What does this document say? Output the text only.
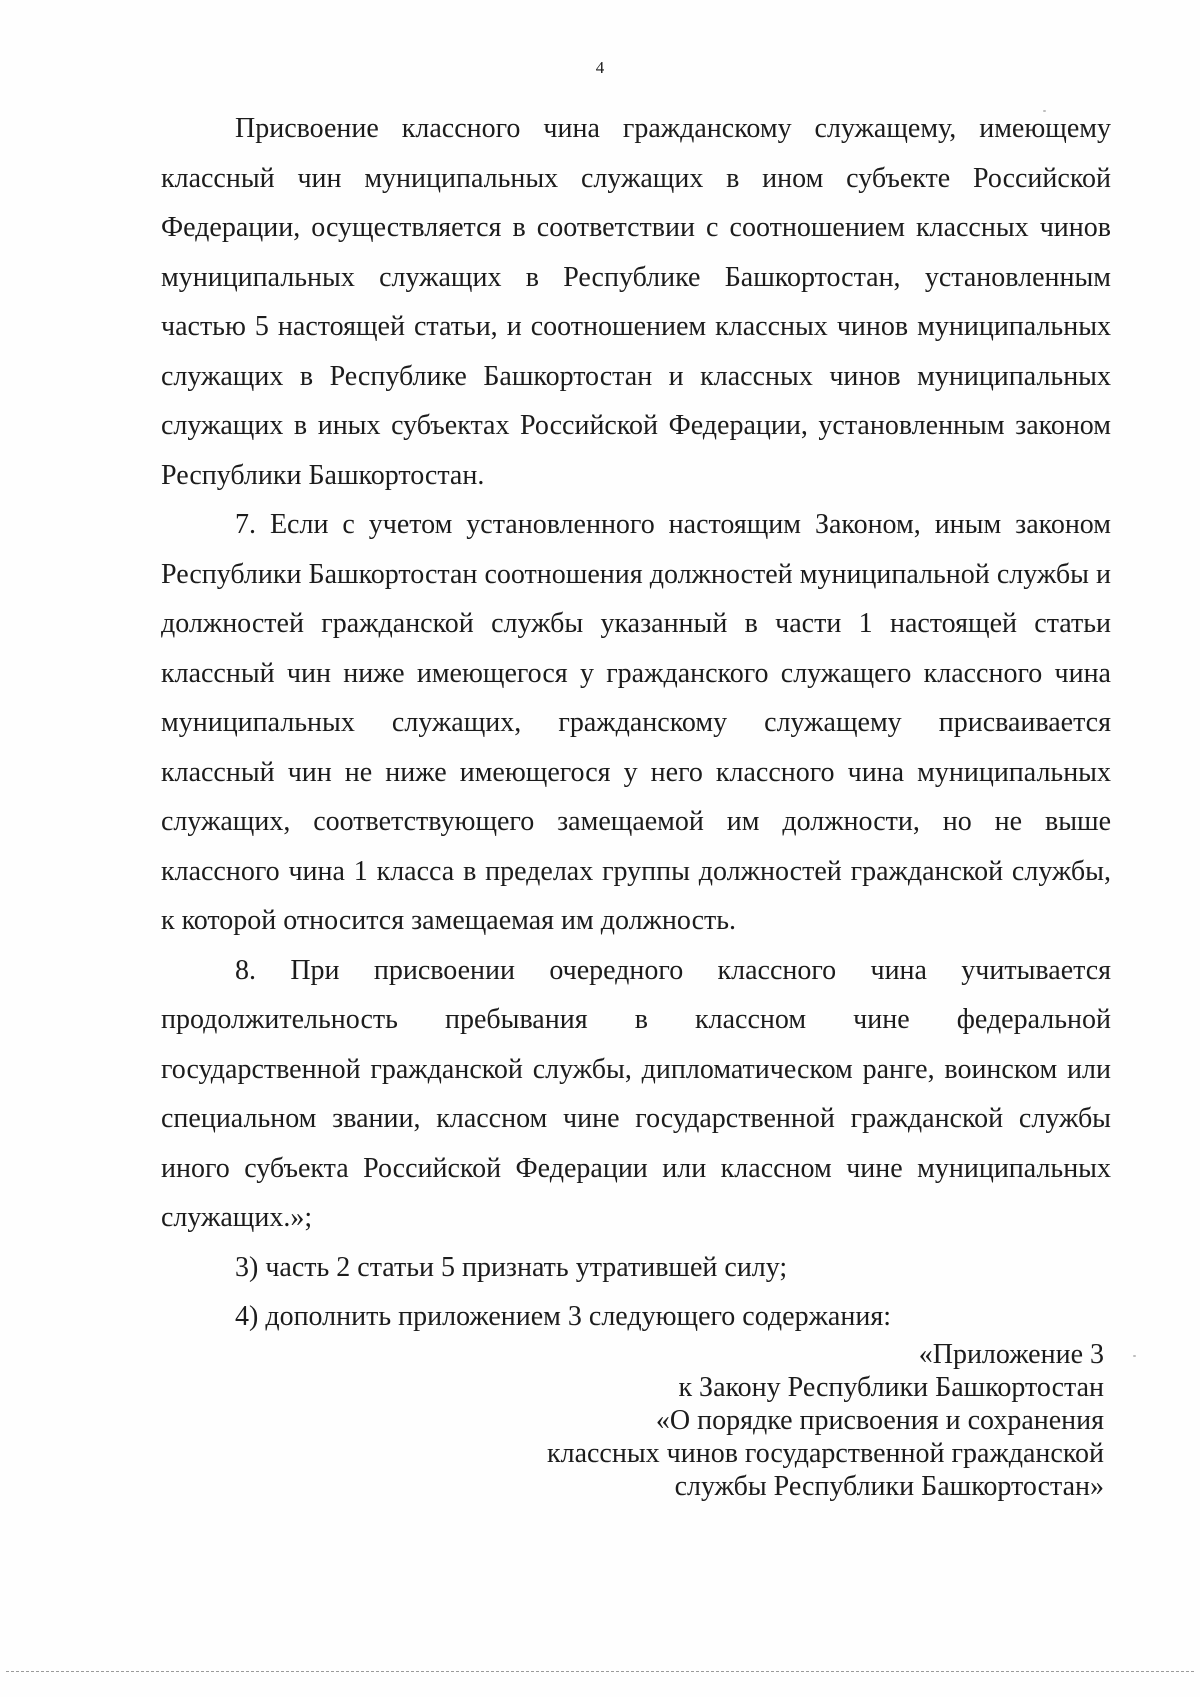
4

Присвоение классного чина гражданскому служащему, имеющему классный чин муниципальных служащих в ином субъекте Российской Федерации, осуществляется в соответствии с соотношением классных чинов муниципальных служащих в Республике Башкортостан, установленным частью 5 настоящей статьи, и соотношением классных чинов муниципальных служащих в Республике Башкортостан и классных чинов муниципальных служащих в иных субъектах Российской Федерации, установленным законом Республики Башкортостан.

7. Если с учетом установленного настоящим Законом, иным законом Республики Башкортостан соотношения должностей муниципальной службы и должностей гражданской службы указанный в части 1 настоящей статьи классный чин ниже имеющегося у гражданского служащего классного чина муниципальных служащих, гражданскому служащему присваивается классный чин не ниже имеющегося у него классного чина муниципальных служащих, соответствующего замещаемой им должности, но не выше классного чина 1 класса в пределах группы должностей гражданской службы, к которой относится замещаемая им должность.

8. При присвоении очередного классного чина учитывается продолжительность пребывания в классном чине федеральной государственной гражданской службы, дипломатическом ранге, воинском или специальном звании, классном чине государственной гражданской службы иного субъекта Российской Федерации или классном чине муниципальных служащих.»;

3) часть 2 статьи 5 признать утратившей силу;

4) дополнить приложением 3 следующего содержания:

«Приложение 3
к Закону Республики Башкортостан
«О порядке присвоения и сохранения
классных чинов государственной гражданской
службы Республики Башкортостан»
